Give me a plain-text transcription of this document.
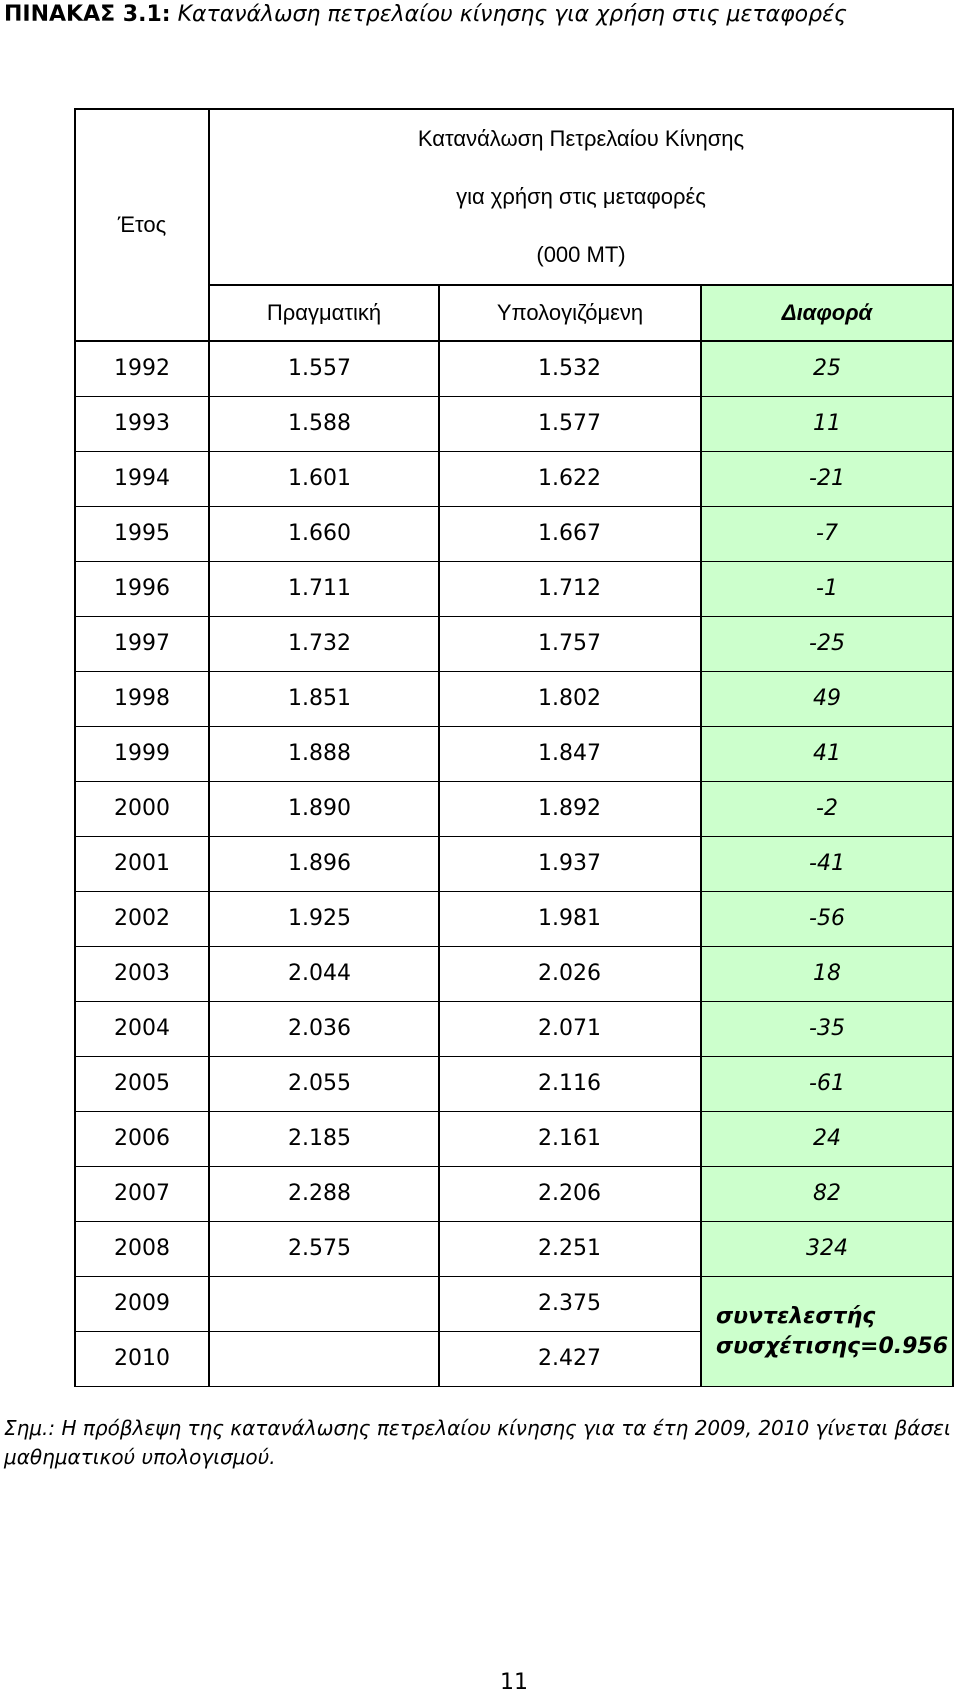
ΠΙΝΑΚΑΣ 3.1: Κατανάλωση πετρελαίου κίνησης για χρήση στις μεταφορές
Έτος	Κατανάλωση Πετρελαίου Κίνησης
για χρήση στις μεταφορές
(000 MT)		

	Πραγματική	Υπολογιζόμενη	Διαφορά
1992	1.557	1.532	25
1993	1.588	1.577	11
1994	1.601	1.622	-21
1995	1.660	1.667	-7
1996	1.711	1.712	-1
1997	1.732	1.757	-25
1998	1.851	1.802	49
1999	1.888	1.847	41
2000	1.890	1.892	-2
2001	1.896	1.937	-41
2002	1.925	1.981	-56
2003	2.044	2.026	18
2004	2.036	2.071	-35
2005	2.055	2.116	-61
2006	2.185	2.161	24
2007	2.288	2.206	82
2008	2.575	2.251	324
2009		2.375	συντελεστής συσχέτισης=0.956
2010		2.427	
Σημ.: Η πρόβλεψη της κατανάλωσης πετρελαίου κίνησης για τα έτη 2009, 2010 γίνεται βάσει μαθηματικού υπολογισμού.
11
